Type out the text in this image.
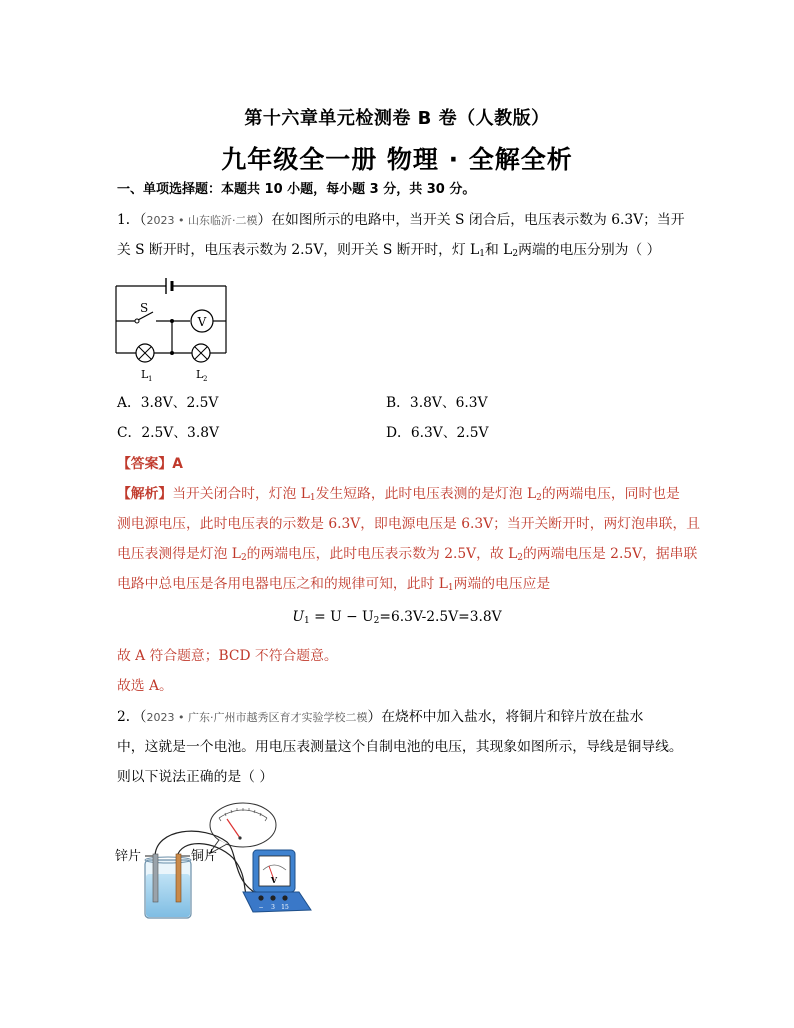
第十六章单元检测卷 B 卷（人教版）
九年级全一册 物理 · 全解全析
一、单项选择题：本题共 10 小题，每小题 3 分，共 30 分。
1．（2023 • 山东临沂·二模）在如图所示的电路中，当开关 S 闭合后，电压表示数为 6.3V；当开
关 S 断开时，电压表示数为 2.5V，则开关 S 断开时，灯 $L_1$和 $L_2$两端的电压分别为（ ）
V
S
L 1	L 2
A．3.8V、2.5V	B．3.8V、6.3V
C．2.5V、3.8V	D．6.3V、2.5V
【答案】A
【解析】当开关闭合时，灯泡 $L_1$发生短路，此时电压表测的是灯泡 $L_2$的两端电压，同时也是
测电源电压，此时电压表的示数是 6.3V，即电源电压是 6.3V；当开关断开时，两灯泡串联，且
电压表测得是灯泡 $L_2$的两端电压，此时电压表示数为 2.5V，故 $L_2$的两端电压是 2.5V，据串联
电路中总电压是各用电器电压之和的规律可知，此时 $L_1$两端的电压应是
$U_1 = U - U_2=6.3V-2.5V=3.8V$
故 A 符合题意；BCD 不符合题意。
故选 A。
2．（2023 • 广东·广州市越秀区育才实验学校二模）在烧杯中加入盐水，将铜片和锌片放在盐水
中，这就是一个电池。用电压表测量这个自制电池的电压，其现象如图所示，导线是铜导线。
则以下说法正确的是（ ）
锌片	铜片
V
− 3 15
